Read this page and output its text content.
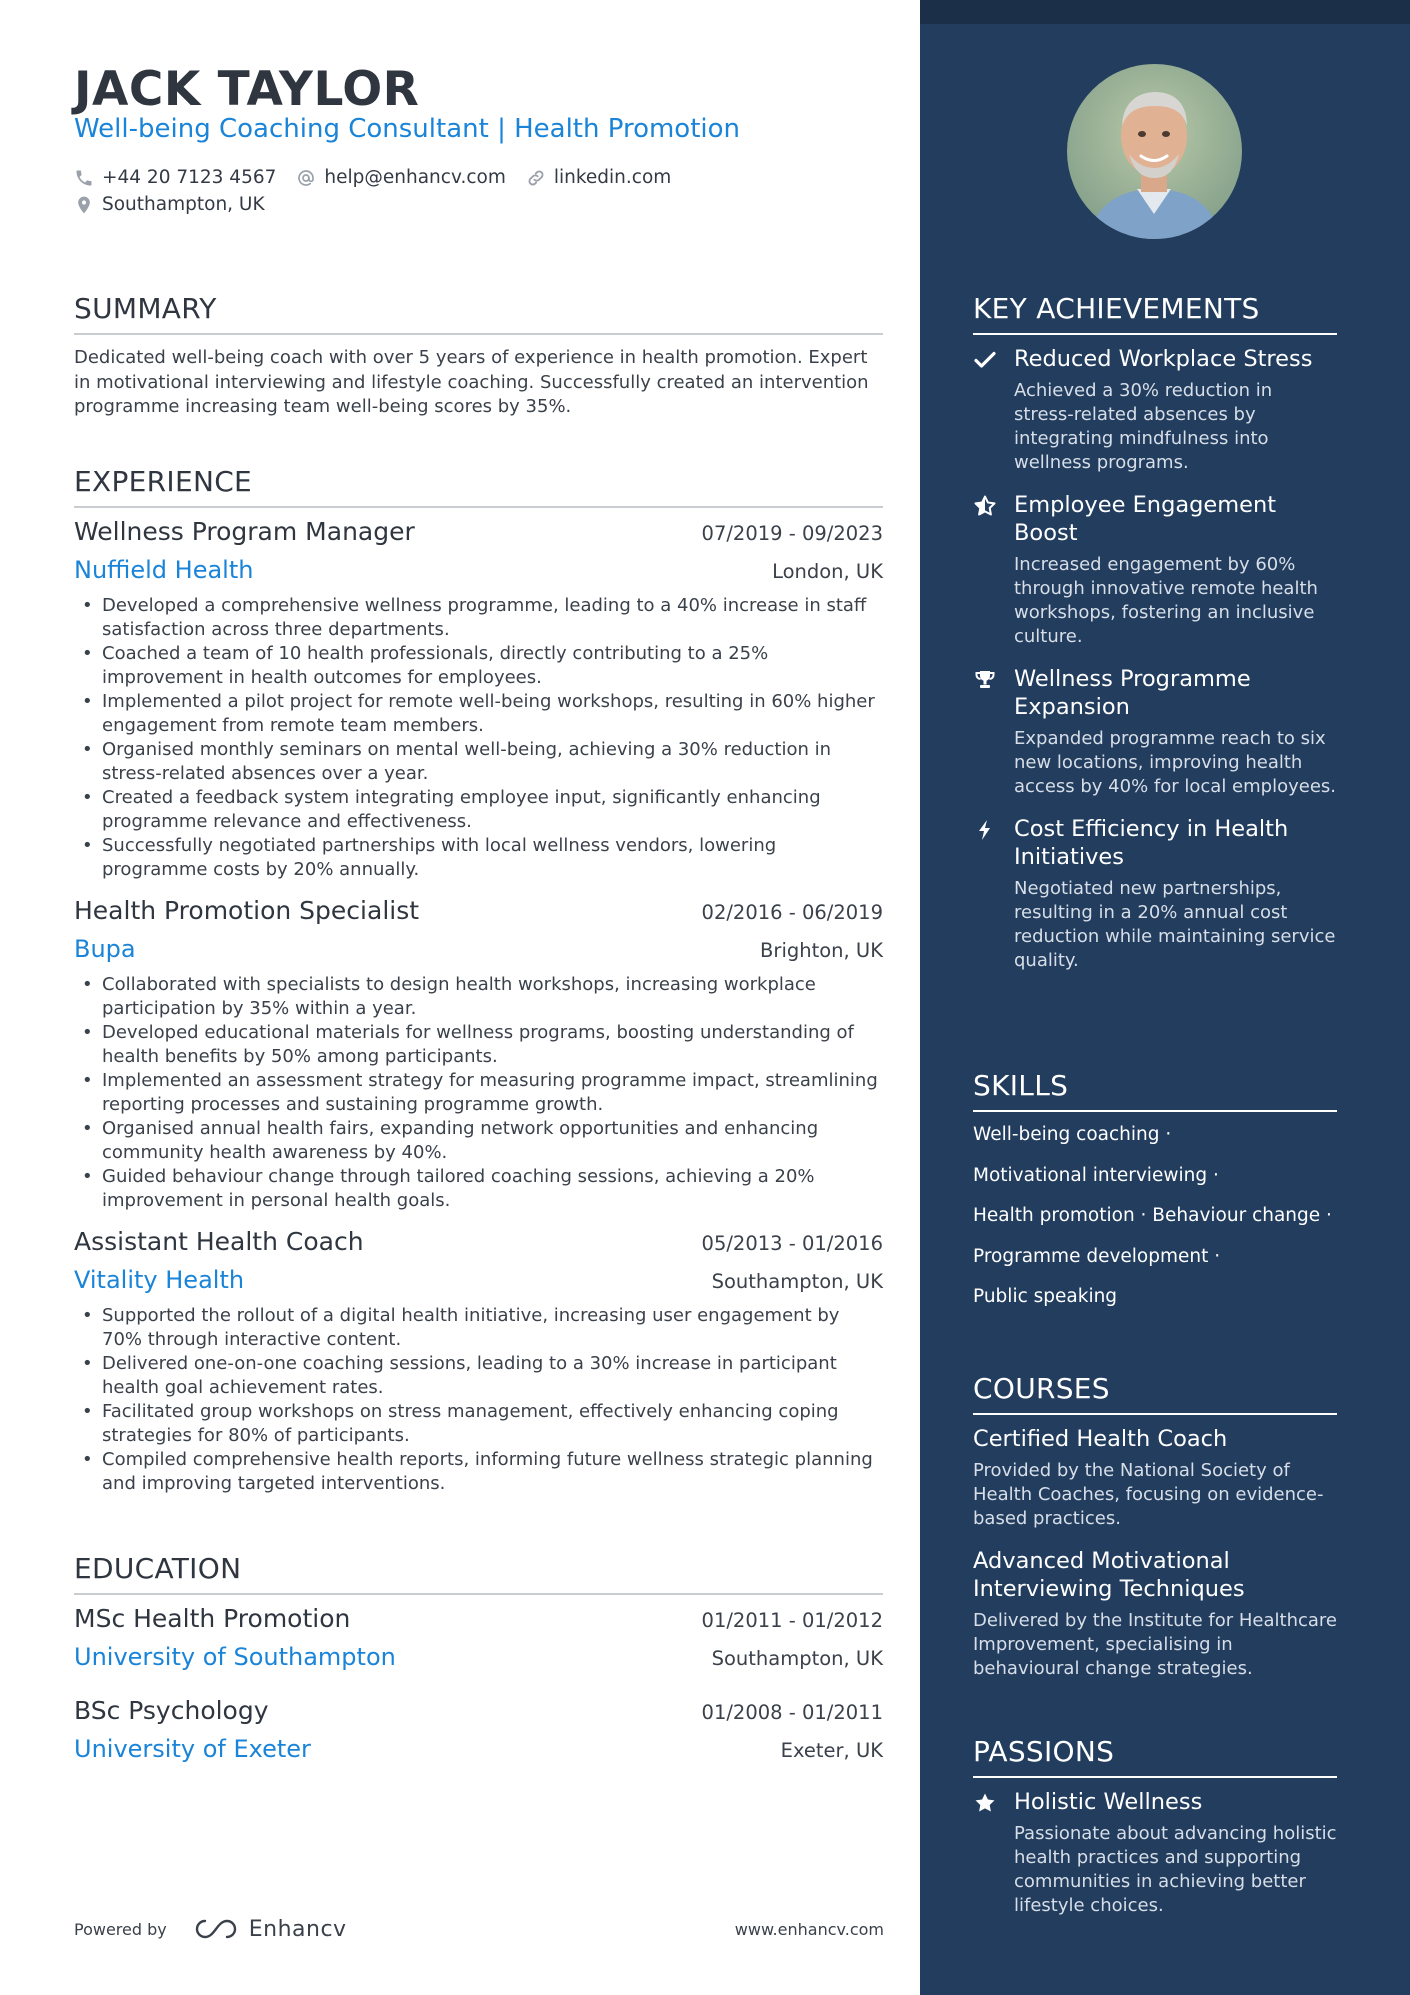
JACK TAYLOR
Well-being Coaching Consultant | Health Promotion
+44 20 7123 4567	help@enhancv.com	linkedin.com
Southampton, UK
SUMMARY
Dedicated well-being coach with over 5 years of experience in health promotion. Expert in motivational interviewing and lifestyle coaching. Successfully created an intervention programme increasing team well-being scores by 35%.
EXPERIENCE
Wellness Program Manager	07/2019 - 09/2023
Nuffield Health	London, UK
• Developed a comprehensive wellness programme, leading to a 40% increase in staff satisfaction across three departments.
• Coached a team of 10 health professionals, directly contributing to a 25% improvement in health outcomes for employees.
• Implemented a pilot project for remote well-being workshops, resulting in 60% higher engagement from remote team members.
• Organised monthly seminars on mental well-being, achieving a 30% reduction in stress-related absences over a year.
• Created a feedback system integrating employee input, significantly enhancing programme relevance and effectiveness.
• Successfully negotiated partnerships with local wellness vendors, lowering programme costs by 20% annually.
Health Promotion Specialist	02/2016 - 06/2019
Bupa	Brighton, UK
• Collaborated with specialists to design health workshops, increasing workplace participation by 35% within a year.
• Developed educational materials for wellness programs, boosting understanding of health benefits by 50% among participants.
• Implemented an assessment strategy for measuring programme impact, streamlining reporting processes and sustaining programme growth.
• Organised annual health fairs, expanding network opportunities and enhancing community health awareness by 40%.
• Guided behaviour change through tailored coaching sessions, achieving a 20% improvement in personal health goals.
Assistant Health Coach	05/2013 - 01/2016
Vitality Health	Southampton, UK
• Supported the rollout of a digital health initiative, increasing user engagement by 70% through interactive content.
• Delivered one-on-one coaching sessions, leading to a 30% increase in participant health goal achievement rates.
• Facilitated group workshops on stress management, effectively enhancing coping strategies for 80% of participants.
• Compiled comprehensive health reports, informing future wellness strategic planning and improving targeted interventions.
EDUCATION
MSc Health Promotion	01/2011 - 01/2012
University of Southampton	Southampton, UK
BSc Psychology	01/2008 - 01/2011
University of Exeter	Exeter, UK
Powered by	Enhancv	www.enhancv.com
KEY ACHIEVEMENTS
Reduced Workplace Stress
Achieved a 30% reduction in stress-related absences by integrating mindfulness into wellness programs.
Employee Engagement Boost
Increased engagement by 60% through innovative remote health workshops, fostering an inclusive culture.
Wellness Programme Expansion
Expanded programme reach to six new locations, improving health access by 40% for local employees.
Cost Efficiency in Health Initiatives
Negotiated new partnerships, resulting in a 20% annual cost reduction while maintaining service quality.
SKILLS
Well-being coaching ·
Motivational interviewing ·
Health promotion · Behaviour change ·
Programme development ·
Public speaking
COURSES
Certified Health Coach
Provided by the National Society of Health Coaches, focusing on evidence-based practices.
Advanced Motivational Interviewing Techniques
Delivered by the Institute for Healthcare Improvement, specialising in behavioural change strategies.
PASSIONS
Holistic Wellness
Passionate about advancing holistic health practices and supporting communities in achieving better lifestyle choices.
